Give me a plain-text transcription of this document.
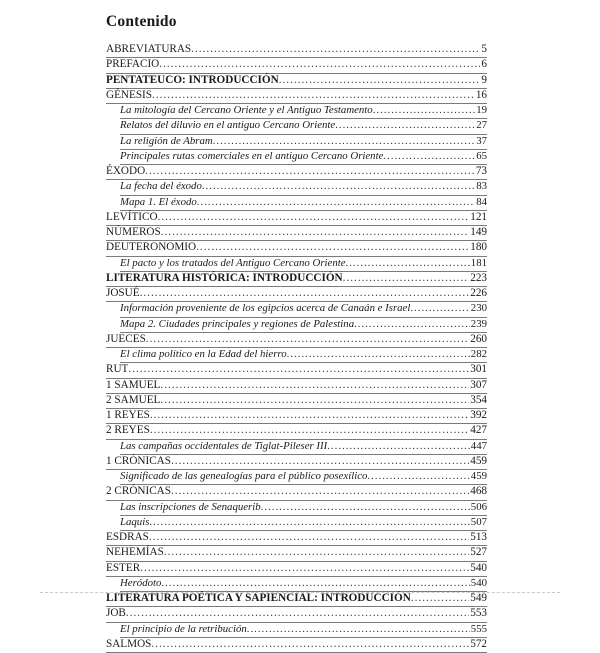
Contenido
ABREVIATURAS .....	5
PREFACIO .....	6
PENTATEUCO: INTRODUCCIÓN .....	9
GÉNESIS .....	16
La mitología del Cercano Oriente y el Antiguo Testamento .....	19
Relatos del diluvio en el antiguo Cercano Oriente .....	27
La religión de Abram .....	37
Principales rutas comerciales en el antiguo Cercano Oriente .....	65
ÉXODO .....	73
La fecha del éxodo .....	83
Mapa 1. El éxodo .....	84
LEVÍTICO .....	121
NÚMEROS .....	149
DEUTERONOMIO .....	180
El pacto y los tratados del Antiguo Cercano Oriente .....	181
LITERATURA HISTÓRICA: INTRODUCCIÓN .....	223
JOSUÉ .....	226
Información proveniente de los egipcios acerca de Canaán e Israel .....	230
Mapa 2. Ciudades principales y regiones de Palestina .....	239
JUECES .....	260
El clima político en la Edad del hierro .....	282
RUT .....	301
1 SAMUEL .....	307
2 SAMUEL .....	354
1 REYES .....	392
2 REYES .....	427
Las campañas occidentales de Tiglat-Pileser III .....	447
1 CRÓNICAS .....	459
Significado de las genealogías para el público posexílico .....	459
2 CRÓNICAS .....	468
Las inscripciones de Senaquerib .....	506
Laquis .....	507
ESDRAS .....	513
NEHEMÍAS .....	527
ESTER .....	540
Heródoto .....	540
LITERATURA POÉTICA Y SAPIENCIAL: INTRODUCCIÓN .....	549
JOB .....	553
El principio de la retribución .....	555
SALMOS .....	572
